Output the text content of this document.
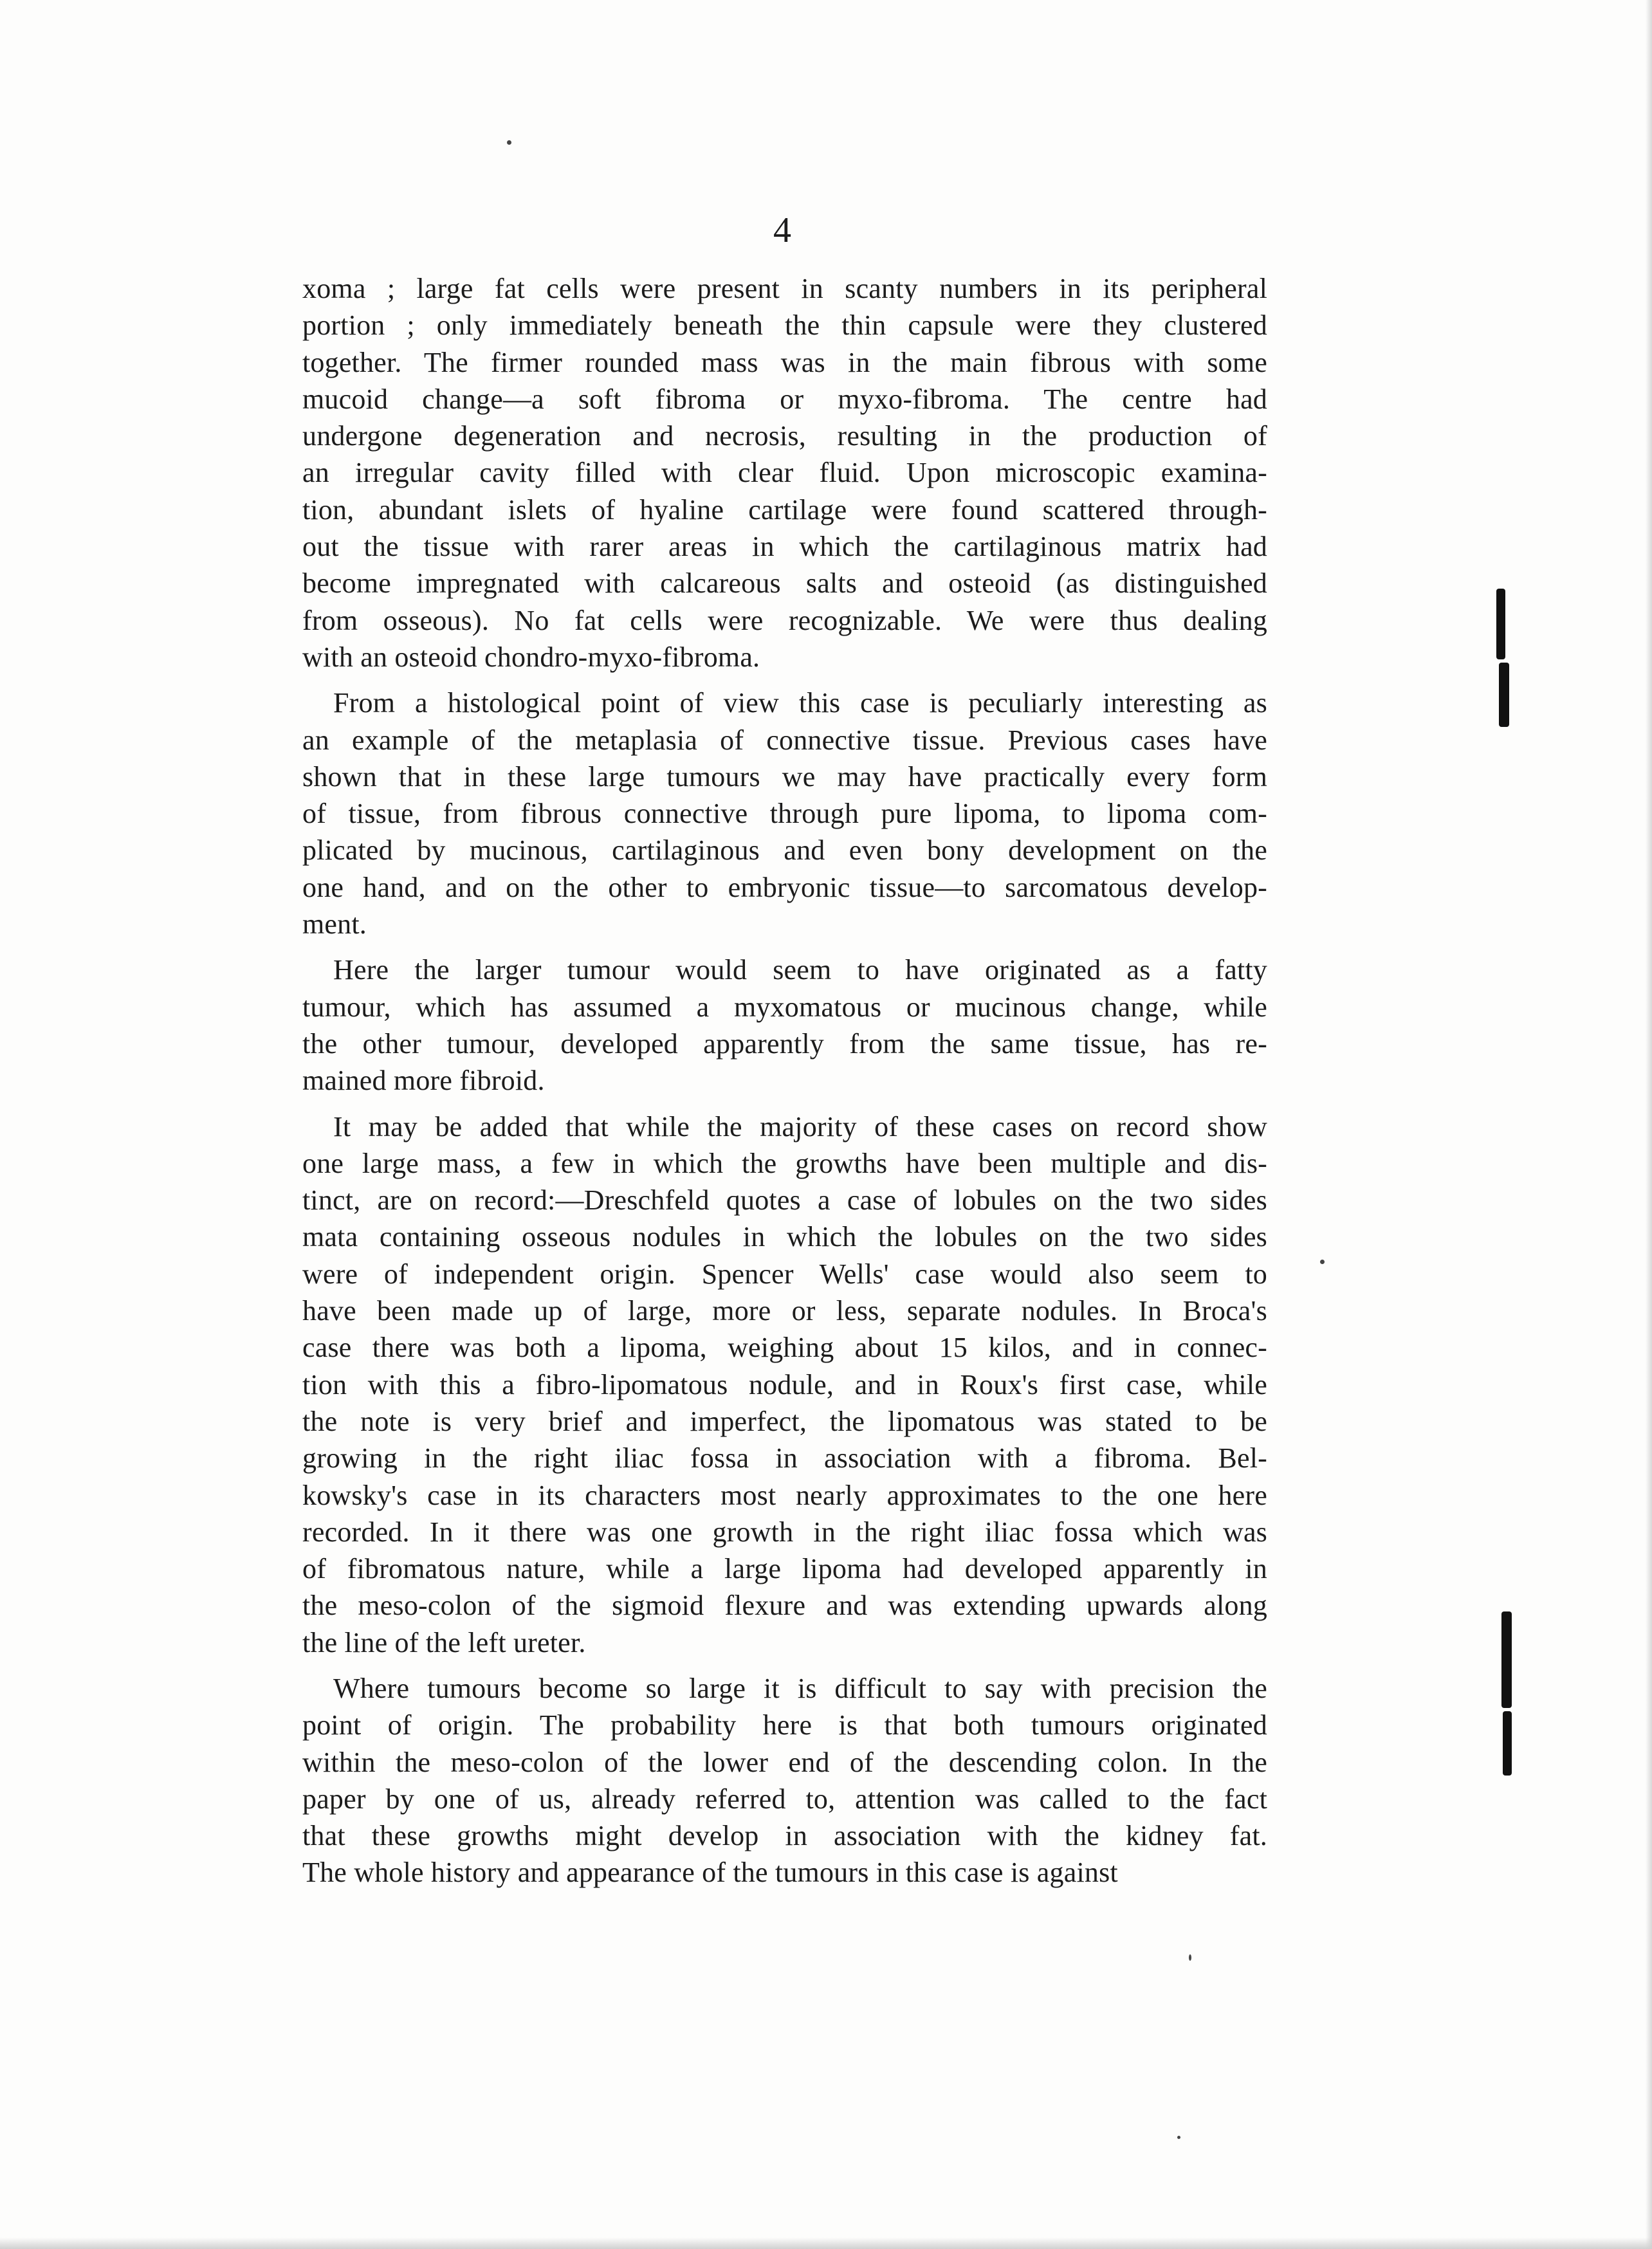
4
xoma ; large fat cells were present in scanty numbers in its peripheral
portion ; only immediately beneath the thin capsule were they clustered
together. The firmer rounded mass was in the main fibrous with some
mucoid change—a soft fibroma or myxo-fibroma. The centre had
undergone degeneration and necrosis, resulting in the production of
an irregular cavity filled with clear fluid. Upon microscopic examina-
tion, abundant islets of hyaline cartilage were found scattered through-
out the tissue with rarer areas in which the cartilaginous matrix had
become impregnated with calcareous salts and osteoid (as distinguished
from osseous). No fat cells were recognizable. We were thus dealing
with an osteoid chondro-myxo-fibroma.
From a histological point of view this case is peculiarly interesting as
an example of the metaplasia of connective tissue. Previous cases have
shown that in these large tumours we may have practically every form
of tissue, from fibrous connective through pure lipoma, to lipoma com-
plicated by mucinous, cartilaginous and even bony development on the
one hand, and on the other to embryonic tissue—to sarcomatous develop-
ment.
Here the larger tumour would seem to have originated as a fatty
tumour, which has assumed a myxomatous or mucinous change, while
the other tumour, developed apparently from the same tissue, has re-
mained more fibroid.
It may be added that while the majority of these cases on record show
one large mass, a few in which the growths have been multiple and dis-
tinct, are on record:—Dreschfeld quotes a case of lobules on the two sides
mata containing osseous nodules in which the lobules on the two sides
were of independent origin. Spencer Wells' case would also seem to
have been made up of large, more or less, separate nodules. In Broca's
case there was both a lipoma, weighing about 15 kilos, and in connec-
tion with this a fibro-lipomatous nodule, and in Roux's first case, while
the note is very brief and imperfect, the lipomatous was stated to be
growing in the right iliac fossa in association with a fibroma. Bel-
kowsky's case in its characters most nearly approximates to the one here
recorded. In it there was one growth in the right iliac fossa which was
of fibromatous nature, while a large lipoma had developed apparently in
the meso-colon of the sigmoid flexure and was extending upwards along
the line of the left ureter.
Where tumours become so large it is difficult to say with precision the
point of origin. The probability here is that both tumours originated
within the meso-colon of the lower end of the descending colon. In the
paper by one of us, already referred to, attention was called to the fact
that these growths might develop in association with the kidney fat.
The whole history and appearance of the tumours in this case is against
